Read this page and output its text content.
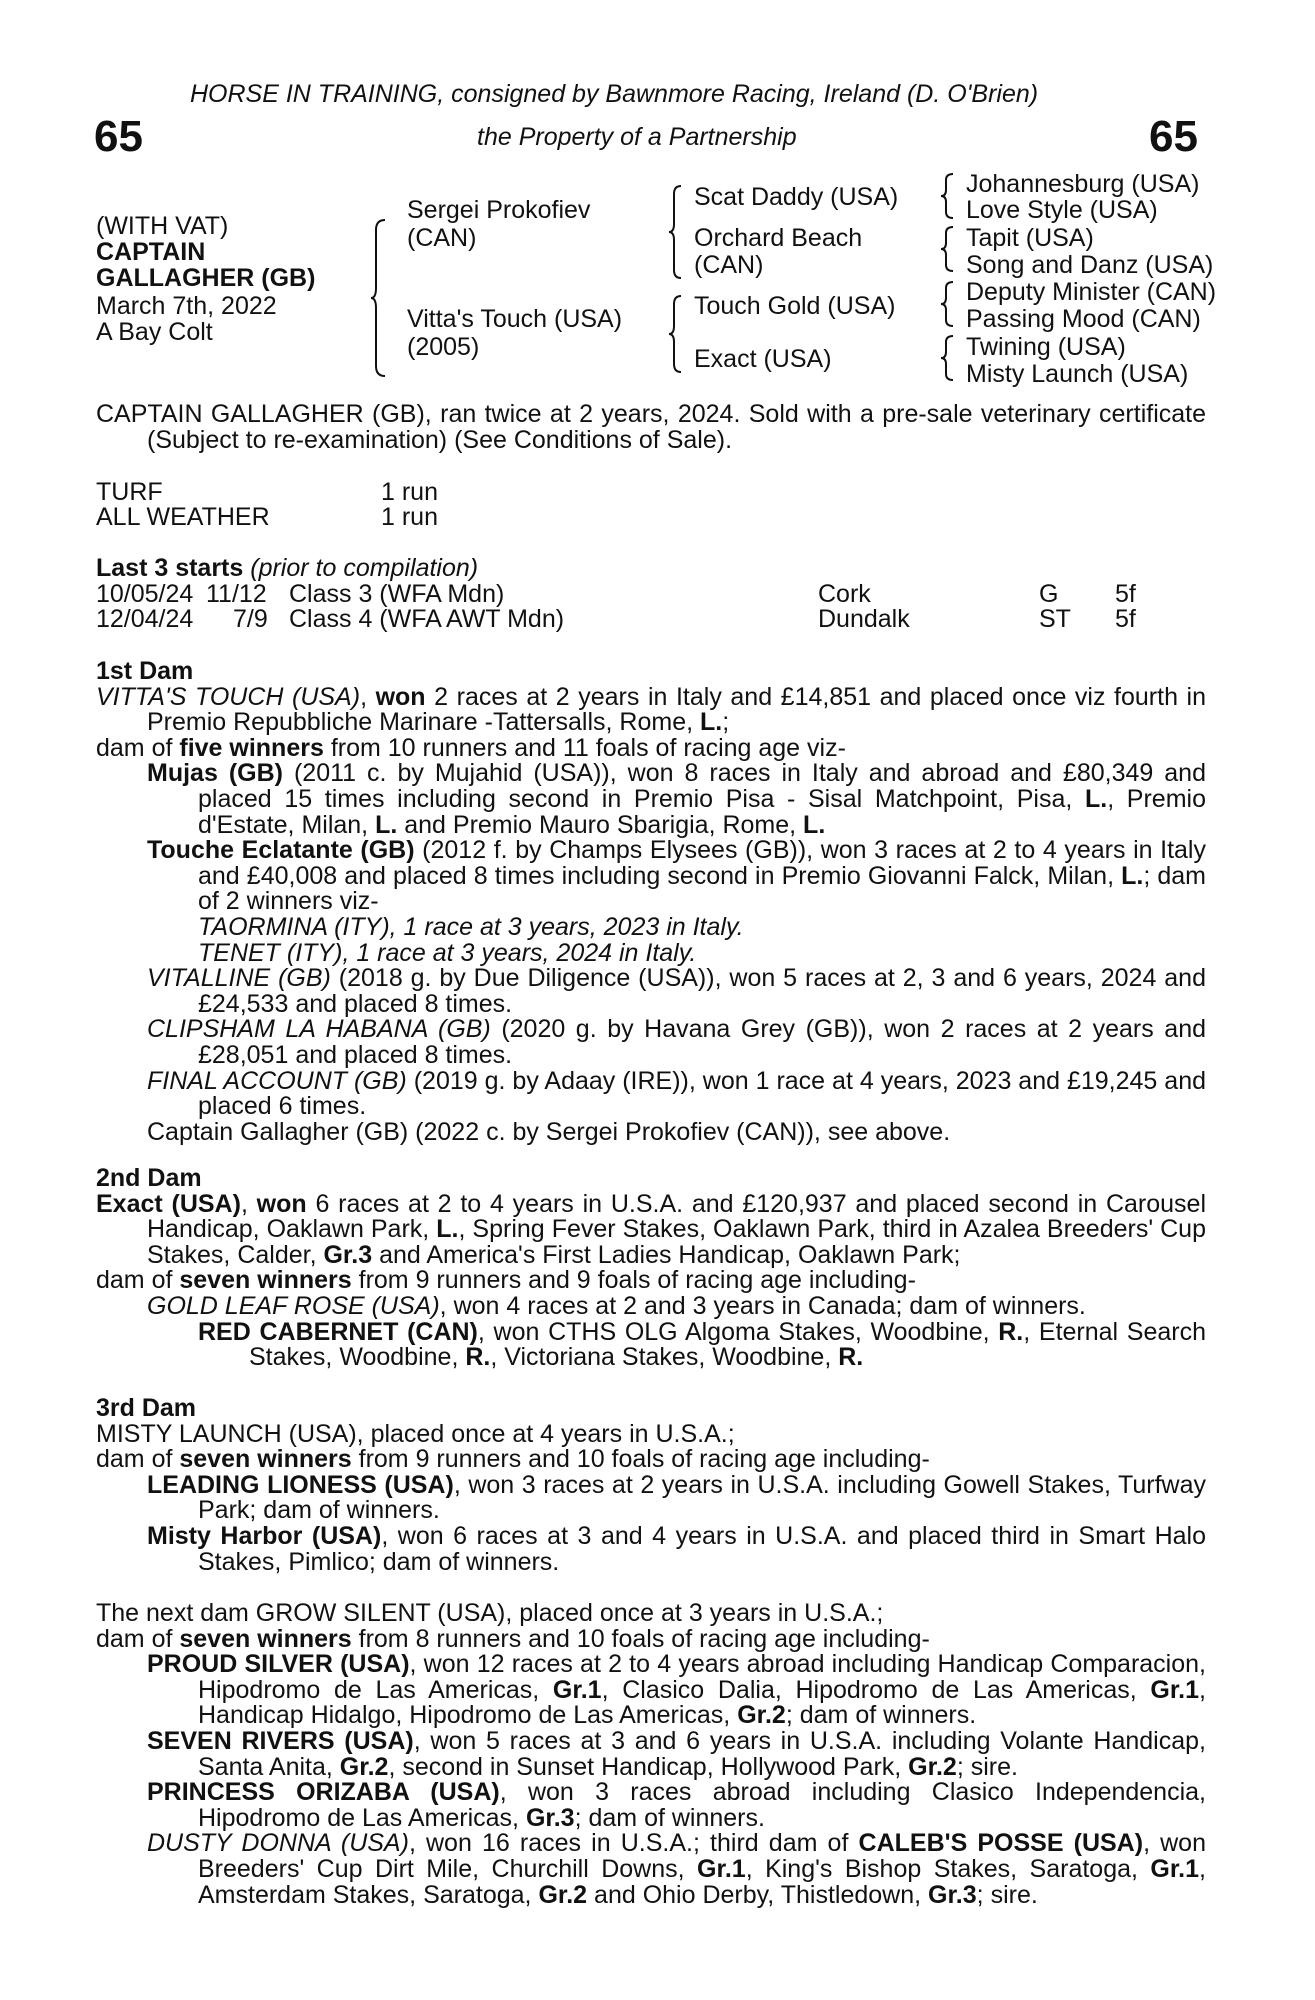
HORSE IN TRAINING, consigned by Bawnmore Racing, Ireland (D. O'Brien)
65	the Property of a Partnership	65
(WITH VAT)
CAPTAIN
GALLAGHER (GB)
March 7th, 2022
A Bay Colt
Sergei Prokofiev
(CAN)
Vitta's Touch (USA)
(2005)
Scat Daddy (USA)
Orchard Beach
(CAN)
Touch Gold (USA)
Exact (USA)
Johannesburg (USA)
Love Style (USA)
Tapit (USA)
Song and Danz (USA)
Deputy Minister (CAN)
Passing Mood (CAN)
Twining (USA)
Misty Launch (USA)

CAPTAIN GALLAGHER (GB), ran twice at 2 years, 2024. Sold with a pre-sale veterinary certificate (Subject to re-examination) (See Conditions of Sale).

TURF	1 run
ALL WEATHER	1 run
Last 3 starts (prior to compilation)
10/05/24 11/12 Class 3 (WFA Mdn)	Cork	G 5f
12/04/24 7/9 Class 4 (WFA AWT Mdn)	Dundalk	ST 5f

1st Dam

VITTA'S TOUCH (USA), won 2 races at 2 years in Italy and £14,851 and placed once viz fourth in Premio Repubbliche Marinare -Tattersalls, Rome, L.;

dam of five winners from 10 runners and 11 foals of racing age viz-

Mujas (GB) (2011 c. by Mujahid (USA)), won 8 races in Italy and abroad and £80,349 and placed 15 times including second in Premio Pisa - Sisal Matchpoint, Pisa, L., Premio d'Estate, Milan, L. and Premio Mauro Sbarigia, Rome, L.

Touche Eclatante (GB) (2012 f. by Champs Elysees (GB)), won 3 races at 2 to 4 years in Italy and £40,008 and placed 8 times including second in Premio Giovanni Falck, Milan, L.; dam of 2 winners viz-

TAORMINA (ITY), 1 race at 3 years, 2023 in Italy.

TENET (ITY), 1 race at 3 years, 2024 in Italy.

VITALLINE (GB) (2018 g. by Due Diligence (USA)), won 5 races at 2, 3 and 6 years, 2024 and £24,533 and placed 8 times.

CLIPSHAM LA HABANA (GB) (2020 g. by Havana Grey (GB)), won 2 races at 2 years and £28,051 and placed 8 times.

FINAL ACCOUNT (GB) (2019 g. by Adaay (IRE)), won 1 race at 4 years, 2023 and £19,245 and placed 6 times.

Captain Gallagher (GB) (2022 c. by Sergei Prokofiev (CAN)), see above.

2nd Dam

Exact (USA), won 6 races at 2 to 4 years in U.S.A. and £120,937 and placed second in Carousel Handicap, Oaklawn Park, L., Spring Fever Stakes, Oaklawn Park, third in Azalea Breeders' Cup Stakes, Calder, Gr.3 and America's First Ladies Handicap, Oaklawn Park;

dam of seven winners from 9 runners and 9 foals of racing age including-

GOLD LEAF ROSE (USA), won 4 races at 2 and 3 years in Canada; dam of winners.

RED CABERNET (CAN), won CTHS OLG Algoma Stakes, Woodbine, R., Eternal Search Stakes, Woodbine, R., Victoriana Stakes, Woodbine, R.

3rd Dam

MISTY LAUNCH (USA), placed once at 4 years in U.S.A.;

dam of seven winners from 9 runners and 10 foals of racing age including-

LEADING LIONESS (USA), won 3 races at 2 years in U.S.A. including Gowell Stakes, Turfway Park; dam of winners.

Misty Harbor (USA), won 6 races at 3 and 4 years in U.S.A. and placed third in Smart Halo Stakes, Pimlico; dam of winners.

The next dam GROW SILENT (USA), placed once at 3 years in U.S.A.;

dam of seven winners from 8 runners and 10 foals of racing age including-

PROUD SILVER (USA), won 12 races at 2 to 4 years abroad including Handicap Comparacion, Hipodromo de Las Americas, Gr.1, Clasico Dalia, Hipodromo de Las Americas, Gr.1, Handicap Hidalgo, Hipodromo de Las Americas, Gr.2; dam of winners.

SEVEN RIVERS (USA), won 5 races at 3 and 6 years in U.S.A. including Volante Handicap, Santa Anita, Gr.2, second in Sunset Handicap, Hollywood Park, Gr.2; sire.

PRINCESS ORIZABA (USA), won 3 races abroad including Clasico Independencia, Hipodromo de Las Americas, Gr.3; dam of winners.

DUSTY DONNA (USA), won 16 races in U.S.A.; third dam of CALEB'S POSSE (USA), won Breeders' Cup Dirt Mile, Churchill Downs, Gr.1, King's Bishop Stakes, Saratoga, Gr.1, Amsterdam Stakes, Saratoga, Gr.2 and Ohio Derby, Thistledown, Gr.3; sire.
